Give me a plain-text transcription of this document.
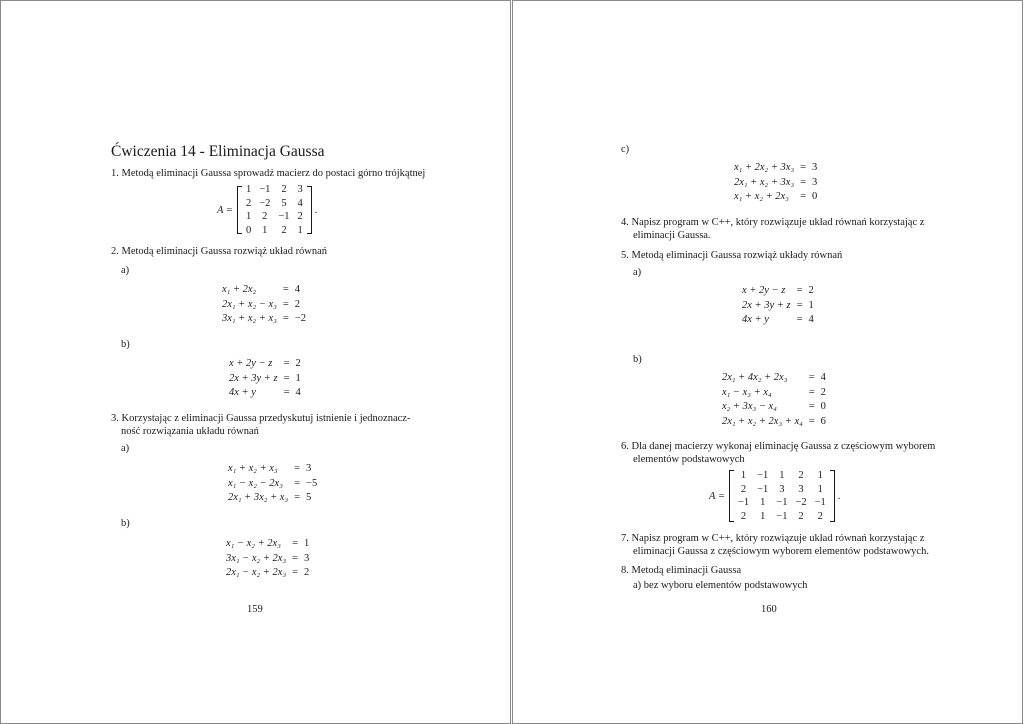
Ćwiczenia 14 - Eliminacja Gaussa
1. Metodą eliminacji Gaussa sprowadź macierz do postaci górno trójkątnej
A =
1	−1	2	3
2	−2	5	4
1	2	−1	2
0	1	2	1
.
2. Metodą eliminacji Gaussa rozwiąż układ równań
a)
x₁ + 2x₂	=	4
2x₁ + x₂ − x₃	=	2
3x₁ + x₂ + x₃	=	−2
b)
x + 2y − z	=	2
2x + 3y + z	=	1
4x + y	=	4
3. Korzystając z eliminacji Gaussa przedyskutuj istnienie i jednoznacz-
ność rozwiązania układu równań
a)
x₁ + x₂ + x₃	=	3
x₁ − x₂ − 2x₃	=	−5
2x₁ + 3x₂ + x₃	=	5
b)
x₁ − x₂ + 2x₃	=	1
3x₁ − x₂ + 2x₃	=	3
2x₁ − x₂ + 2x₃	=	2
159
c)
x₁ + 2x₂ + 3x₃	=	3
2x₁ + x₂ + 3x₃	=	3
x₁ + x₂ + 2x₃	=	0
4. Napisz program w C++, który rozwiązuje układ równań korzystając z
eliminacji Gaussa.
5. Metodą eliminacji Gaussa rozwiąż układy równań
a)
x + 2y − z	=	2
2x + 3y + z	=	1
4x + y	=	4
b)
2x₁ + 4x₂ + 2x₃	=	4
x₁ − x₃ + x₄	=	2
x₂ + 3x₃ − x₄	=	0
2x₁ + x₂ + 2x₃ + x₄	=	6
6. Dla danej macierzy wykonaj eliminację Gaussa z częściowym wyborem
elementów podstawowych
A =
1	−1	1	2	1
2	−1	3	3	1
−1	1	−1	−2	−1
2	1	−1	2	2
.
7. Napisz program w C++, który rozwiązuje układ równań korzystając z
eliminacji Gaussa z częściowym wyborem elementów podstawowych.
8. Metodą eliminacji Gaussa
a) bez wyboru elementów podstawowych
160
